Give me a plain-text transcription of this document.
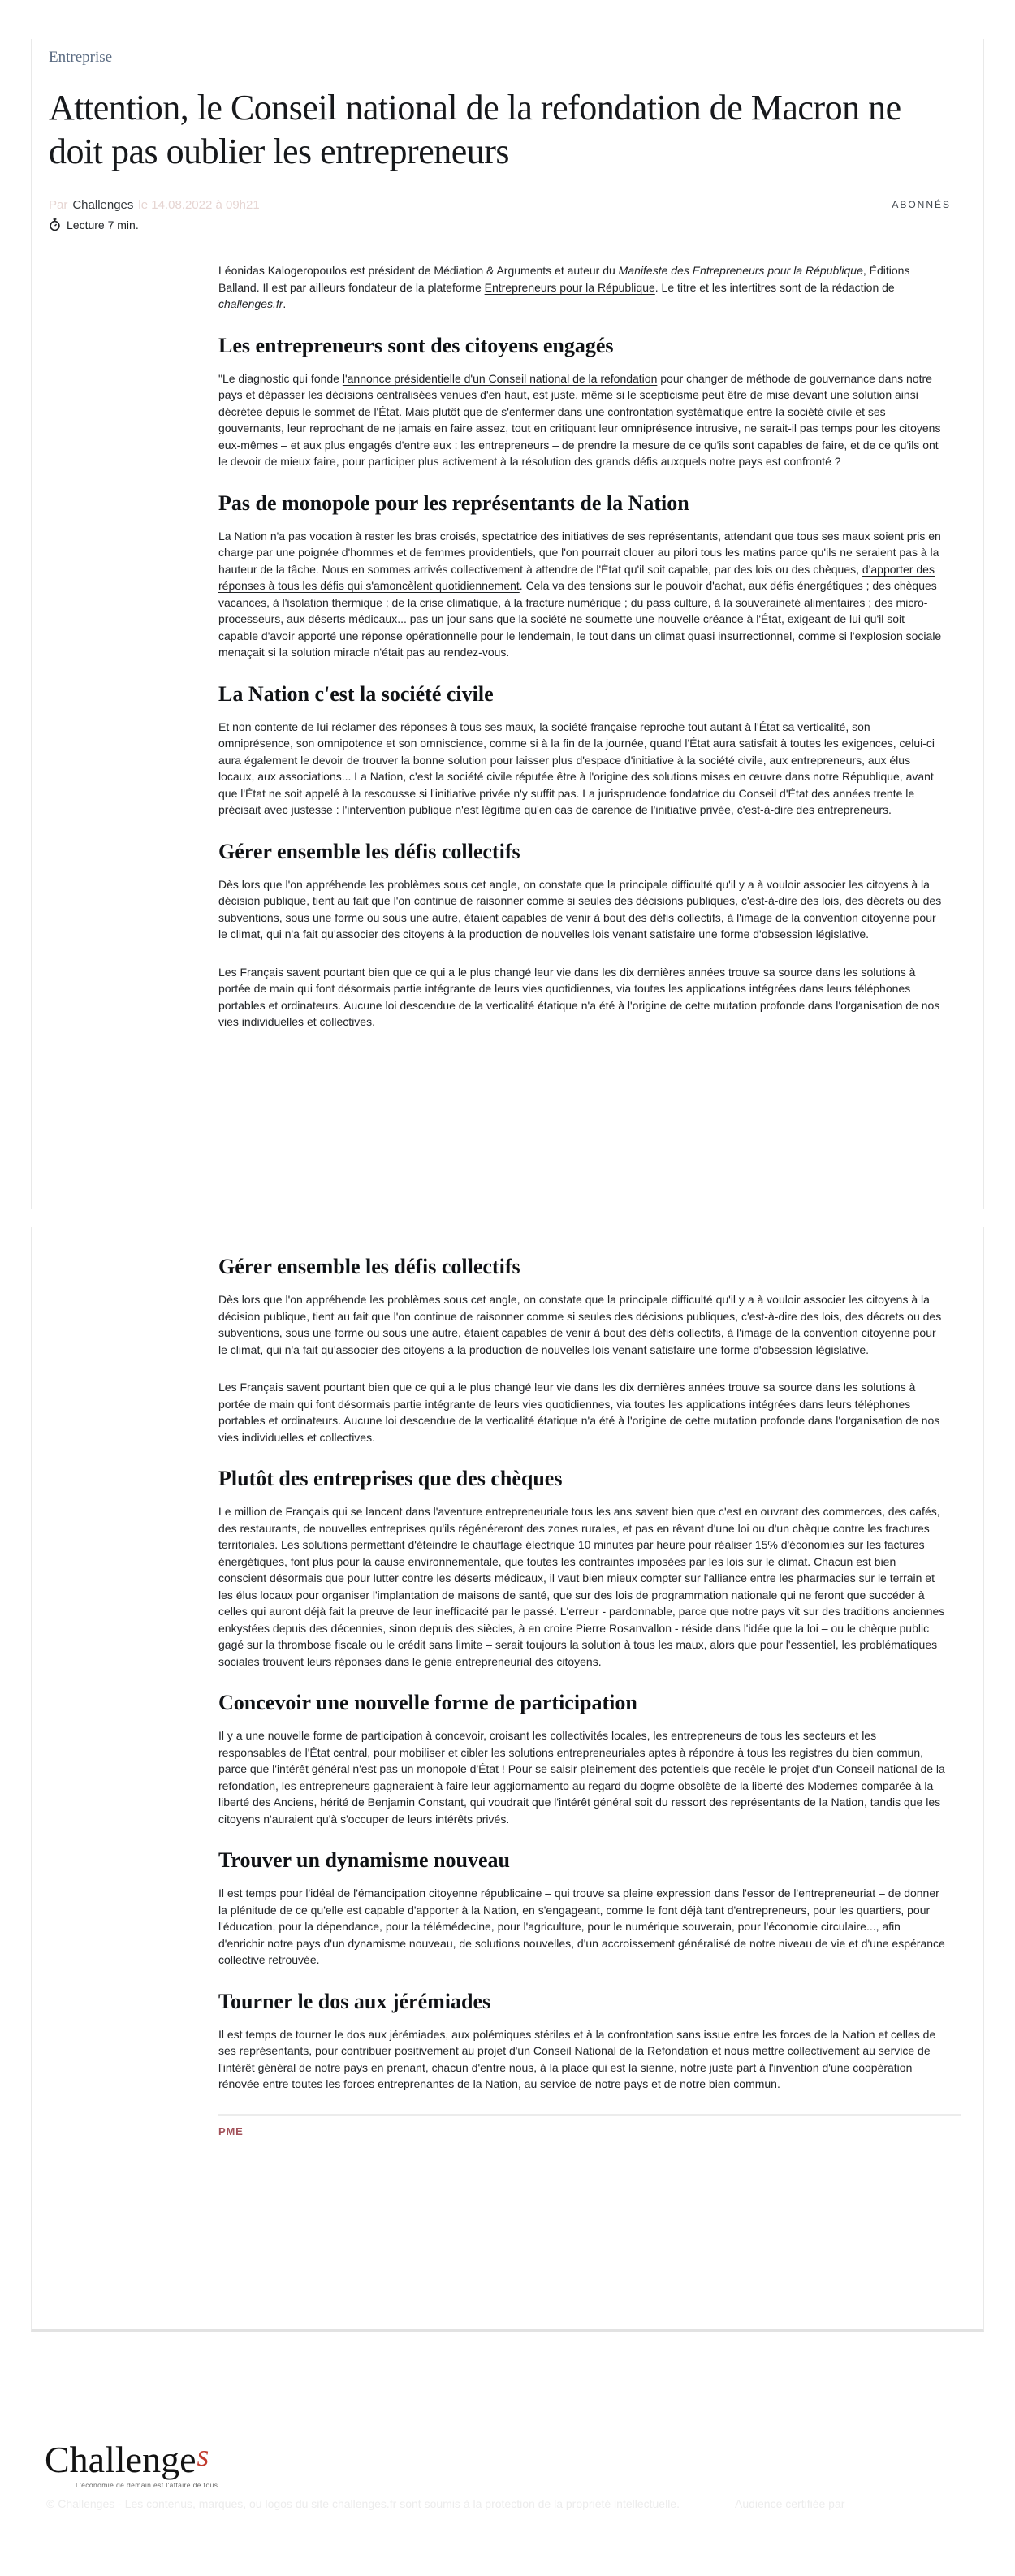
Entreprise
Attention, le Conseil national de la refondation de Macron ne doit pas oublier les entrepreneurs
Par Challenges le 14.08.2022 à 09h21	ABONNÉS
Lecture 7 min.

Léonidas Kalogeropoulos est président de Médiation & Arguments et auteur du Manifeste des Entrepreneurs pour la République, Éditions Balland. Il est par ailleurs fondateur de la plateforme Entrepreneurs pour la République. Le titre et les intertitres sont de la rédaction de challenges.fr.

Les entrepreneurs sont des citoyens engagés

"Le diagnostic qui fonde l'annonce présidentielle d'un Conseil national de la refondation pour changer de méthode de gouvernance dans notre pays et dépasser les décisions centralisées venues d'en haut, est juste, même si le scepticisme peut être de mise devant une solution ainsi décrétée depuis le sommet de l'État. Mais plutôt que de s'enfermer dans une confrontation systématique entre la société civile et ses gouvernants, leur reprochant de ne jamais en faire assez, tout en critiquant leur omniprésence intrusive, ne serait-il pas temps pour les citoyens eux-mêmes – et aux plus engagés d'entre eux : les entrepreneurs – de prendre la mesure de ce qu'ils sont capables de faire, et de ce qu'ils ont le devoir de mieux faire, pour participer plus activement à la résolution des grands défis auxquels notre pays est confronté ?

Pas de monopole pour les représentants de la Nation

La Nation n'a pas vocation à rester les bras croisés, spectatrice des initiatives de ses représentants, attendant que tous ses maux soient pris en charge par une poignée d'hommes et de femmes providentiels, que l'on pourrait clouer au pilori tous les matins parce qu'ils ne seraient pas à la hauteur de la tâche. Nous en sommes arrivés collectivement à attendre de l'État qu'il soit capable, par des lois ou des chèques, d'apporter des réponses à tous les défis qui s'amoncèlent quotidiennement. Cela va des tensions sur le pouvoir d'achat, aux défis énergétiques ; des chèques vacances, à l'isolation thermique ; de la crise climatique, à la fracture numérique ; du pass culture, à la souveraineté alimentaires ; des micro-processeurs, aux déserts médicaux... pas un jour sans que la société ne soumette une nouvelle créance à l'État, exigeant de lui qu'il soit capable d'avoir apporté une réponse opérationnelle pour le lendemain, le tout dans un climat quasi insurrectionnel, comme si l'explosion sociale menaçait si la solution miracle n'était pas au rendez-vous.

La Nation c'est la société civile

Et non contente de lui réclamer des réponses à tous ses maux, la société française reproche tout autant à l'État sa verticalité, son omniprésence, son omnipotence et son omniscience, comme si à la fin de la journée, quand l'État aura satisfait à toutes les exigences, celui-ci aura également le devoir de trouver la bonne solution pour laisser plus d'espace d'initiative à la société civile, aux entrepreneurs, aux élus locaux, aux associations... La Nation, c'est la société civile réputée être à l'origine des solutions mises en œuvre dans notre République, avant que l'État ne soit appelé à la rescousse si l'initiative privée n'y suffit pas. La jurisprudence fondatrice du Conseil d'État des années trente le précisait avec justesse : l'intervention publique n'est légitime qu'en cas de carence de l'initiative privée, c'est-à-dire des entrepreneurs.

Gérer ensemble les défis collectifs

Dès lors que l'on appréhende les problèmes sous cet angle, on constate que la principale difficulté qu'il y a à vouloir associer les citoyens à la décision publique, tient au fait que l'on continue de raisonner comme si seules des décisions publiques, c'est-à-dire des lois, des décrets ou des subventions, sous une forme ou sous une autre, étaient capables de venir à bout des défis collectifs, à l'image de la convention citoyenne pour le climat, qui n'a fait qu'associer des citoyens à la production de nouvelles lois venant satisfaire une forme d'obsession législative.

Les Français savent pourtant bien que ce qui a le plus changé leur vie dans les dix dernières années trouve sa source dans les solutions à portée de main qui font désormais partie intégrante de leurs vies quotidiennes, via toutes les applications intégrées dans leurs téléphones portables et ordinateurs. Aucune loi descendue de la verticalité étatique n'a été à l'origine de cette mutation profonde dans l'organisation de nos vies individuelles et collectives.

Gérer ensemble les défis collectifs

Dès lors que l'on appréhende les problèmes sous cet angle, on constate que la principale difficulté qu'il y a à vouloir associer les citoyens à la décision publique, tient au fait que l'on continue de raisonner comme si seules des décisions publiques, c'est-à-dire des lois, des décrets ou des subventions, sous une forme ou sous une autre, étaient capables de venir à bout des défis collectifs, à l'image de la convention citoyenne pour le climat, qui n'a fait qu'associer des citoyens à la production de nouvelles lois venant satisfaire une forme d'obsession législative.

Les Français savent pourtant bien que ce qui a le plus changé leur vie dans les dix dernières années trouve sa source dans les solutions à portée de main qui font désormais partie intégrante de leurs vies quotidiennes, via toutes les applications intégrées dans leurs téléphones portables et ordinateurs. Aucune loi descendue de la verticalité étatique n'a été à l'origine de cette mutation profonde dans l'organisation de nos vies individuelles et collectives.

Plutôt des entreprises que des chèques

Le million de Français qui se lancent dans l'aventure entrepreneuriale tous les ans savent bien que c'est en ouvrant des commerces, des cafés, des restaurants, de nouvelles entreprises qu'ils régénéreront des zones rurales, et pas en rêvant d'une loi ou d'un chèque contre les fractures territoriales. Les solutions permettant d'éteindre le chauffage électrique 10 minutes par heure pour réaliser 15% d'économies sur les factures énergétiques, font plus pour la cause environnementale, que toutes les contraintes imposées par les lois sur le climat. Chacun est bien conscient désormais que pour lutter contre les déserts médicaux, il vaut bien mieux compter sur l'alliance entre les pharmacies sur le terrain et les élus locaux pour organiser l'implantation de maisons de santé, que sur des lois de programmation nationale qui ne feront que succéder à celles qui auront déjà fait la preuve de leur inefficacité par le passé. L'erreur - pardonnable, parce que notre pays vit sur des traditions anciennes enkystées depuis des décennies, sinon depuis des siècles, à en croire Pierre Rosanvallon - réside dans l'idée que la loi – ou le chèque public gagé sur la thrombose fiscale ou le crédit sans limite – serait toujours la solution à tous les maux, alors que pour l'essentiel, les problématiques sociales trouvent leurs réponses dans le génie entrepreneurial des citoyens.

Concevoir une nouvelle forme de participation

Il y a une nouvelle forme de participation à concevoir, croisant les collectivités locales, les entrepreneurs de tous les secteurs et les responsables de l'État central, pour mobiliser et cibler les solutions entrepreneuriales aptes à répondre à tous les registres du bien commun, parce que l'intérêt général n'est pas un monopole d'État ! Pour se saisir pleinement des potentiels que recèle le projet d'un Conseil national de la refondation, les entrepreneurs gagneraient à faire leur aggiornamento au regard du dogme obsolète de la liberté des Modernes comparée à la liberté des Anciens, hérité de Benjamin Constant, qui voudrait que l'intérêt général soit du ressort des représentants de la Nation, tandis que les citoyens n'auraient qu'à s'occuper de leurs intérêts privés.

Trouver un dynamisme nouveau

Il est temps pour l'idéal de l'émancipation citoyenne républicaine – qui trouve sa pleine expression dans l'essor de l'entrepreneuriat – de donner la plénitude de ce qu'elle est capable d'apporter à la Nation, en s'engageant, comme le font déjà tant d'entrepreneurs, pour les quartiers, pour l'éducation, pour la dépendance, pour la télémédecine, pour l'agriculture, pour le numérique souverain, pour l'économie circulaire..., afin d'enrichir notre pays d'un dynamisme nouveau, de solutions nouvelles, d'un accroissement généralisé de notre niveau de vie et d'une espérance collective retrouvée.

Tourner le dos aux jérémiades

Il est temps de tourner le dos aux jérémiades, aux polémiques stériles et à la confrontation sans issue entre les forces de la Nation et celles de ses représentants, pour contribuer positivement au projet d'un Conseil National de la Refondation et nous mettre collectivement au service de l'intérêt général de notre pays en prenant, chacun d'entre nous, à la place qui est la sienne, notre juste part à l'invention d'une coopération rénovée entre toutes les forces entreprenantes de la Nation, au service de notre pays et de notre bien commun.

PME
Challenges
L'économie de demain est l'affaire de tous
© Challenges - Les contenus, marques, ou logos du site challenges.fr sont soumis à la protection de la propriété intellectuelle.	Audience certifiée par
